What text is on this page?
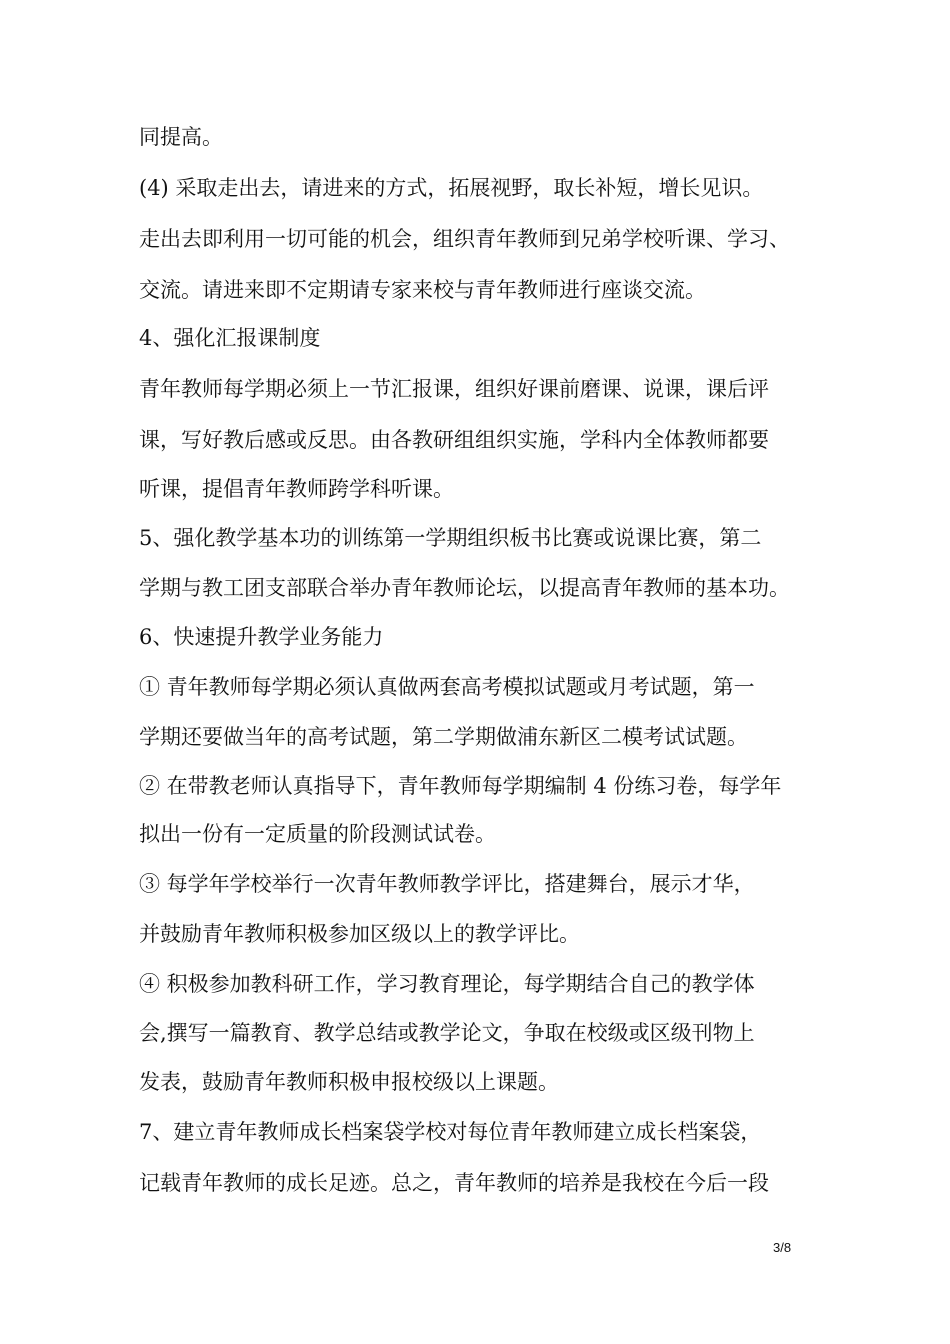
同提高。
(4) 采取走出去，请进来的方式，拓展视野，取长补短，增长见识。
走出去即利用一切可能的机会，组织青年教师到兄弟学校听课、学习、
交流。请进来即不定期请专家来校与青年教师进行座谈交流。
4、强化汇报课制度
青年教师每学期必须上一节汇报课，组织好课前磨课、说课，课后评
课，写好教后感或反思。由各教研组组织实施，学科内全体教师都要
听课，提倡青年教师跨学科听课。
5、强化教学基本功的训练第一学期组织板书比赛或说课比赛，第二
学期与教工团支部联合举办青年教师论坛，以提高青年教师的基本功。
6、快速提升教学业务能力
① 青年教师每学期必须认真做两套高考模拟试题或月考试题，第一
学期还要做当年的高考试题，第二学期做浦东新区二模考试试题。
② 在带教老师认真指导下，青年教师每学期编制 4 份练习卷，每学年
拟出一份有一定质量的阶段测试试卷。
③ 每学年学校举行一次青年教师教学评比，搭建舞台，展示才华，
并鼓励青年教师积极参加区级以上的教学评比。
④ 积极参加教科研工作，学习教育理论，每学期结合自己的教学体
会,撰写一篇教育、教学总结或教学论文，争取在校级或区级刊物上
发表，鼓励青年教师积极申报校级以上课题。
7、建立青年教师成长档案袋学校对每位青年教师建立成长档案袋，
记载青年教师的成长足迹。总之，青年教师的培养是我校在今后一段
3/8
